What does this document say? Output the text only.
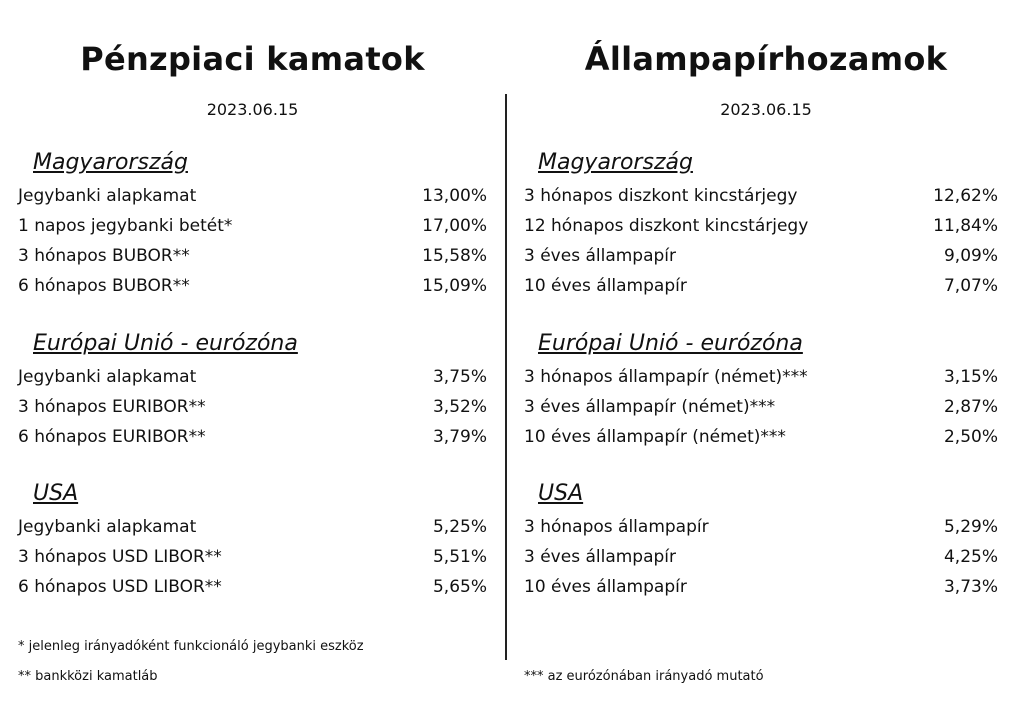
Pénzpiaci kamatok
2023.06.15
Magyarország
Jegybanki alapkamat	13,00%
1 napos jegybanki betét*	17,00%
3 hónapos BUBOR**	15,58%
6 hónapos BUBOR**	15,09%
Európai Unió - eurózóna
Jegybanki alapkamat	3,75%
3 hónapos EURIBOR**	3,52%
6 hónapos EURIBOR**	3,79%
USA
Jegybanki alapkamat	5,25%
3 hónapos USD LIBOR**	5,51%
6 hónapos USD LIBOR**	5,65%
* jelenleg irányadóként funkcionáló jegybanki eszköz
** bankközi kamatláb
Állampapírhozamok
2023.06.15
Magyarország
3 hónapos diszkont kincstárjegy	12,62%
12 hónapos diszkont kincstárjegy	11,84%
3 éves állampapír	9,09%
10 éves állampapír	7,07%
Európai Unió - eurózóna
3 hónapos állampapír (német)***	3,15%
3 éves állampapír (német)***	2,87%
10 éves állampapír (német)***	2,50%
USA
3 hónapos állampapír	5,29%
3 éves állampapír	4,25%
10 éves állampapír	3,73%
*** az eurózónában irányadó mutató
